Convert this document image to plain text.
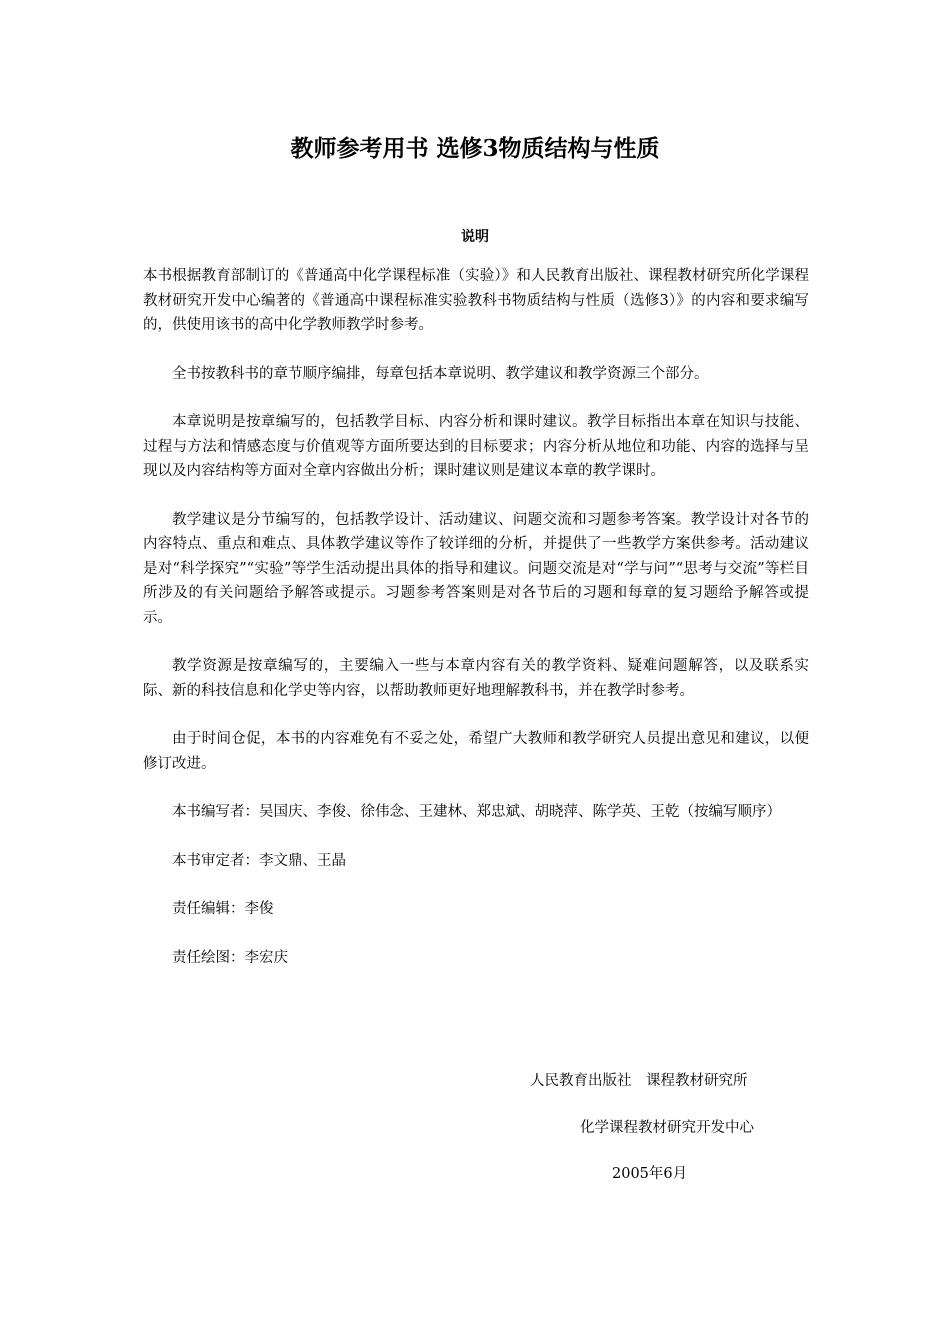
教师参考用书 选修3物质结构与性质
说明

本书根据教育部制订的《普通高中化学课程标准（实验）》和人民教育出版社、课程教材研究所化学课程教材研究开发中心编著的《普通高中课程标准实验教科书物质结构与性质（选修3）》的内容和要求编写的，供使用该书的高中化学教师教学时参考。

全书按教科书的章节顺序编排，每章包括本章说明、教学建议和教学资源三个部分。

本章说明是按章编写的，包括教学目标、内容分析和课时建议。教学目标指出本章在知识与技能、过程与方法和情感态度与价值观等方面所要达到的目标要求；内容分析从地位和功能、内容的选择与呈现以及内容结构等方面对全章内容做出分析；课时建议则是建议本章的教学课时。

教学建议是分节编写的，包括教学设计、活动建议、问题交流和习题参考答案。教学设计对各节的内容特点、重点和难点、具体教学建议等作了较详细的分析，并提供了一些教学方案供参考。活动建议是对“科学探究”“实验”等学生活动提出具体的指导和建议。问题交流是对“学与问”“思考与交流”等栏目所涉及的有关问题给予解答或提示。习题参考答案则是对各节后的习题和每章的复习题给予解答或提示。

教学资源是按章编写的，主要编入一些与本章内容有关的教学资料、疑难问题解答，以及联系实际、新的科技信息和化学史等内容，以帮助教师更好地理解教科书，并在教学时参考。

由于时间仓促，本书的内容难免有不妥之处，希望广大教师和教学研究人员提出意见和建议，以便修订改进。

本书编写者：吴国庆、李俊、徐伟念、王建林、郑忠斌、胡晓萍、陈学英、王乾（按编写顺序）

本书审定者：李文鼎、王晶

责任编辑：李俊

责任绘图：李宏庆

人民教育出版社　课程教材研究所
化学课程教材研究开发中心
2005年6月
